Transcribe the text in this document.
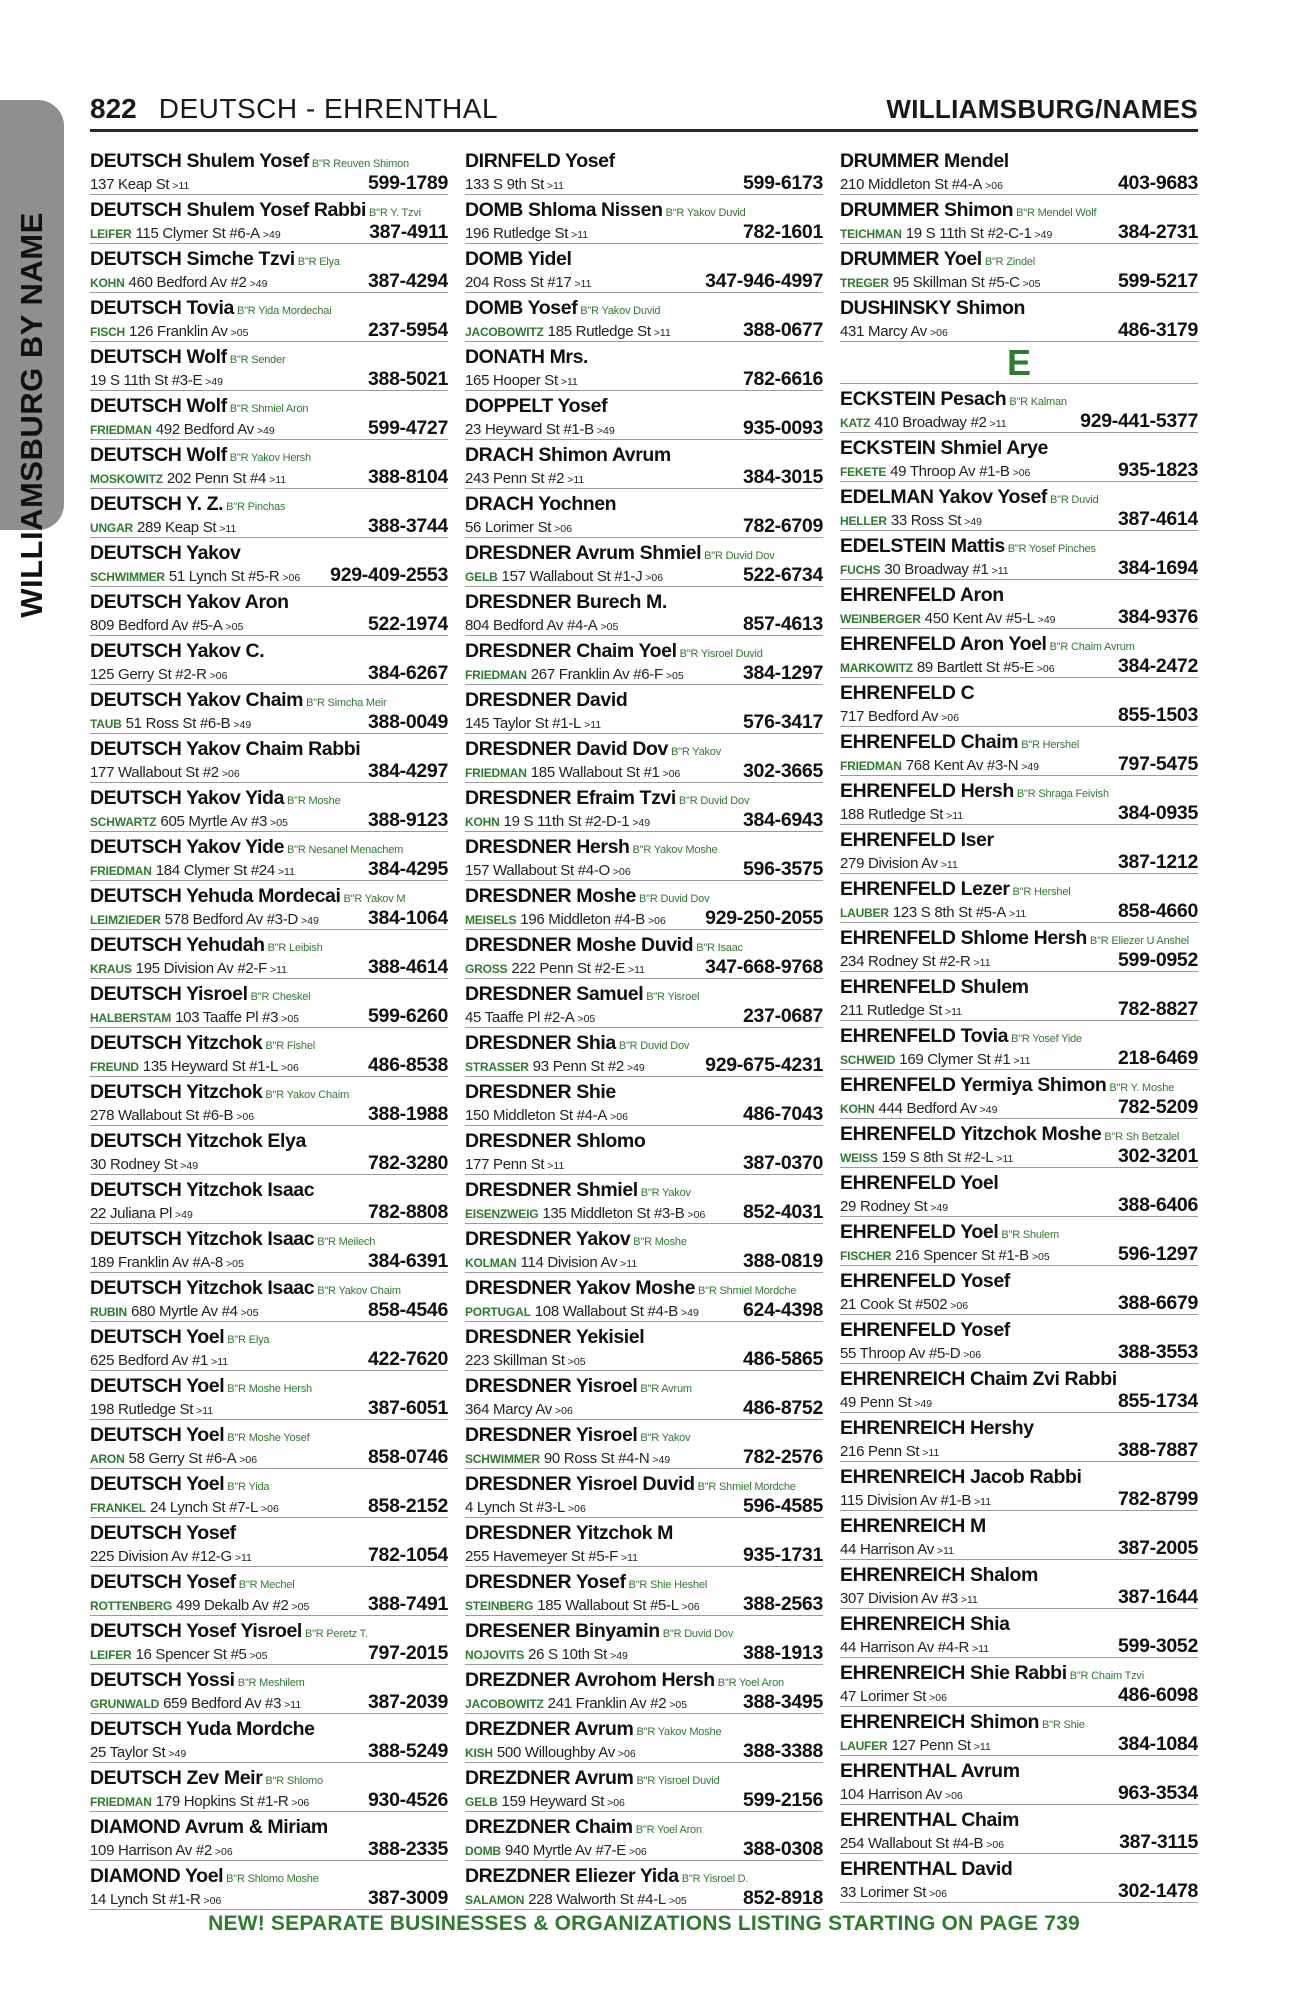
WILLIAMSBURG BY NAME
822 DEUTSCH - EHRENTHAL	WILLIAMSBURG/NAMES
DEUTSCH Shulem Yosef B"R Reuven Shimon
137 Keap St >11	599-1789
DEUTSCH Shulem Yosef Rabbi B"R Y. Tzvi
LEIFER 115 Clymer St #6-A >49	387-4911
DEUTSCH Simche Tzvi B"R Elya
KOHN 460 Bedford Av #2 >49	387-4294
DEUTSCH Tovia B"R Yida Mordechai
FISCH 126 Franklin Av >05	237-5954
DEUTSCH Wolf B"R Sender
19 S 11th St #3-E >49	388-5021
DEUTSCH Wolf B"R Shmiel Aron
FRIEDMAN 492 Bedford Av >49	599-4727
DEUTSCH Wolf B"R Yakov Hersh
MOSKOWITZ 202 Penn St #4 >11	388-8104
DEUTSCH Y. Z. B"R Pinchas
UNGAR 289 Keap St >11	388-3744
DEUTSCH Yakov
SCHWIMMER 51 Lynch St #5-R >06 929-409-2553
DEUTSCH Yakov Aron
809 Bedford Av #5-A >05	522-1974
DEUTSCH Yakov C.
125 Gerry St #2-R >06	384-6267
DEUTSCH Yakov Chaim B"R Simcha Meir
TAUB 51 Ross St #6-B >49	388-0049
DEUTSCH Yakov Chaim Rabbi
177 Wallabout St #2 >06	384-4297
DEUTSCH Yakov Yida B"R Moshe
SCHWARTZ 605 Myrtle Av #3 >05	388-9123
DEUTSCH Yakov Yide B"R Nesanel Menachem
FRIEDMAN 184 Clymer St #24 >11	384-4295
DEUTSCH Yehuda Mordecai B"R Yakov M
LEIMZIEDER 578 Bedford Av #3-D >49	384-1064
DEUTSCH Yehudah B"R Leibish
KRAUS 195 Division Av #2-F >11	388-4614
DEUTSCH Yisroel B"R Cheskel
HALBERSTAM 103 Taaffe Pl #3 >05	599-6260
DEUTSCH Yitzchok B"R Fishel
FREUND 135 Heyward St #1-L >06	486-8538
DEUTSCH Yitzchok B"R Yakov Chaim
278 Wallabout St #6-B >06	388-1988
DEUTSCH Yitzchok Elya
30 Rodney St >49	782-3280
DEUTSCH Yitzchok Isaac
22 Juliana Pl >49	782-8808
DEUTSCH Yitzchok Isaac B"R Meilech
189 Franklin Av #A-8 >05	384-6391
DEUTSCH Yitzchok Isaac B"R Yakov Chaim
RUBIN 680 Myrtle Av #4 >05	858-4546
DEUTSCH Yoel B"R Elya
625 Bedford Av #1 >11	422-7620
DEUTSCH Yoel B"R Moshe Hersh
198 Rutledge St >11	387-6051
DEUTSCH Yoel B"R Moshe Yosef
ARON 58 Gerry St #6-A >06	858-0746
DEUTSCH Yoel B"R Yida
FRANKEL 24 Lynch St #7-L >06	858-2152
DEUTSCH Yosef
225 Division Av #12-G >11	782-1054
DEUTSCH Yosef B"R Mechel
ROTTENBERG 499 Dekalb Av #2 >05	388-7491
DEUTSCH Yosef Yisroel B"R Peretz T.
LEIFER 16 Spencer St #5 >05	797-2015
DEUTSCH Yossi B"R Meshilem
GRUNWALD 659 Bedford Av #3 >11	387-2039
DEUTSCH Yuda Mordche
25 Taylor St >49	388-5249
DEUTSCH Zev Meir B"R Shlomo
FRIEDMAN 179 Hopkins St #1-R >06	930-4526
DIAMOND Avrum & Miriam
109 Harrison Av #2 >06	388-2335
DIAMOND Yoel B"R Shlomo Moshe
14 Lynch St #1-R >06	387-3009
DIRNFELD Yosef
133 S 9th St >11	599-6173
DOMB Shloma Nissen B"R Yakov Duvid
196 Rutledge St >11	782-1601
DOMB Yidel
204 Ross St #17 >11	347-946-4997
DOMB Yosef B"R Yakov Duvid
JACOBOWITZ 185 Rutledge St >11	388-0677
DONATH Mrs.
165 Hooper St >11	782-6616
DOPPELT Yosef
23 Heyward St #1-B >49	935-0093
DRACH Shimon Avrum
243 Penn St #2 >11	384-3015
DRACH Yochnen
56 Lorimer St >06	782-6709
DRESDNER Avrum Shmiel B"R Duvid Dov
GELB 157 Wallabout St #1-J >06	522-6734
DRESDNER Burech M.
804 Bedford Av #4-A >05	857-4613
DRESDNER Chaim Yoel B"R Yisroel Duvid
FRIEDMAN 267 Franklin Av #6-F >05	384-1297
DRESDNER David
145 Taylor St #1-L >11	576-3417
DRESDNER David Dov B"R Yakov
FRIEDMAN 185 Wallabout St #1 >06	302-3665
DRESDNER Efraim Tzvi B"R Duvid Dov
KOHN 19 S 11th St #2-D-1 >49	384-6943
DRESDNER Hersh B"R Yakov Moshe
157 Wallabout St #4-O >06	596-3575
DRESDNER Moshe B"R Duvid Dov
MEISELS 196 Middleton #4-B >06 929-250-2055
DRESDNER Moshe Duvid B"R Isaac
GROSS 222 Penn St #2-E >11	347-668-9768
DRESDNER Samuel B"R Yisroel
45 Taaffe Pl #2-A >05	237-0687
DRESDNER Shia B"R Duvid Dov
STRASSER 93 Penn St #2 >49	929-675-4231
DRESDNER Shie
150 Middleton St #4-A >06	486-7043
DRESDNER Shlomo
177 Penn St >11	387-0370
DRESDNER Shmiel B"R Yakov
EISENZWEIG 135 Middleton St #3-B >06 852-4031
DRESDNER Yakov B"R Moshe
KOLMAN 114 Division Av >11	388-0819
DRESDNER Yakov Moshe B"R Shmiel Mordche
PORTUGAL 108 Wallabout St #4-B >49 624-4398
DRESDNER Yekisiel
223 Skillman St >05	486-5865
DRESDNER Yisroel B"R Avrum
364 Marcy Av >06	486-8752
DRESDNER Yisroel B"R Yakov
SCHWIMMER 90 Ross St #4-N >49	782-2576
DRESDNER Yisroel Duvid B"R Shmiel Mordche
4 Lynch St #3-L >06	596-4585
DRESDNER Yitzchok M
255 Havemeyer St #5-F >11	935-1731
DRESDNER Yosef B"R Shie Heshel
STEINBERG 185 Wallabout St #5-L >06 388-2563
DRESENER Binyamin B"R Duvid Dov
NOJOVITS 26 S 10th St >49	388-1913
DREZDNER Avrohom Hersh B"R Yoel Aron
JACOBOWITZ 241 Franklin Av #2 >05	388-3495
DREZDNER Avrum B"R Yakov Moshe
KISH 500 Willoughby Av >06	388-3388
DREZDNER Avrum B"R Yisroel Duvid
GELB 159 Heyward St >06	599-2156
DREZDNER Chaim B"R Yoel Aron
DOMB 940 Myrtle Av #7-E >06	388-0308
DREZDNER Eliezer Yida B"R Yisroel D.
SALAMON 228 Walworth St #4-L >05	852-8918
DRUMMER Mendel
210 Middleton St #4-A >06	403-9683
DRUMMER Shimon B"R Mendel Wolf
TEICHMAN 19 S 11th St #2-C-1 >49	384-2731
DRUMMER Yoel B"R Zindel
TREGER 95 Skillman St #5-C >05	599-5217
DUSHINSKY Shimon
431 Marcy Av >06	486-3179
E
ECKSTEIN Pesach B"R Kalman
KATZ 410 Broadway #2 >11	929-441-5377
ECKSTEIN Shmiel Arye
FEKETE 49 Throop Av #1-B >06	935-1823
EDELMAN Yakov Yosef B"R Duvid
HELLER 33 Ross St >49	387-4614
EDELSTEIN Mattis B"R Yosef Pinches
FUCHS 30 Broadway #1 >11	384-1694
EHRENFELD Aron
WEINBERGER 450 Kent Av #5-L >49	384-9376
EHRENFELD Aron Yoel B"R Chaim Avrum
MARKOWITZ 89 Bartlett St #5-E >06	384-2472
EHRENFELD C
717 Bedford Av >06	855-1503
EHRENFELD Chaim B"R Hershel
FRIEDMAN 768 Kent Av #3-N >49	797-5475
EHRENFELD Hersh B"R Shraga Feivish
188 Rutledge St >11	384-0935
EHRENFELD Iser
279 Division Av >11	387-1212
EHRENFELD Lezer B"R Hershel
LAUBER 123 S 8th St #5-A >11	858-4660
EHRENFELD Shlome Hersh B"R Eliezer U Anshel
234 Rodney St #2-R >11	599-0952
EHRENFELD Shulem
211 Rutledge St >11	782-8827
EHRENFELD Tovia B"R Yosef Yide
SCHWEID 169 Clymer St #1 >11	218-6469
EHRENFELD Yermiya Shimon B"R Y. Moshe
KOHN 444 Bedford Av >49	782-5209
EHRENFELD Yitzchok Moshe B"R Sh Betzalel
WEISS 159 S 8th St #2-L >11	302-3201
EHRENFELD Yoel
29 Rodney St >49	388-6406
EHRENFELD Yoel B"R Shulem
FISCHER 216 Spencer St #1-B >05	596-1297
EHRENFELD Yosef
21 Cook St #502 >06	388-6679
EHRENFELD Yosef
55 Throop Av #5-D >06	388-3553
EHRENREICH Chaim Zvi Rabbi
49 Penn St >49	855-1734
EHRENREICH Hershy
216 Penn St >11	388-7887
EHRENREICH Jacob Rabbi
115 Division Av #1-B >11	782-8799
EHRENREICH M
44 Harrison Av >11	387-2005
EHRENREICH Shalom
307 Division Av #3 >11	387-1644
EHRENREICH Shia
44 Harrison Av #4-R >11	599-3052
EHRENREICH Shie Rabbi B"R Chaim Tzvi
47 Lorimer St >06	486-6098
EHRENREICH Shimon B"R Shie
LAUFER 127 Penn St >11	384-1084
EHRENTHAL Avrum
104 Harrison Av >06	963-3534
EHRENTHAL Chaim
254 Wallabout St #4-B >06	387-3115
EHRENTHAL David
33 Lorimer St >06	302-1478
NEW! SEPARATE BUSINESSES & ORGANIZATIONS LISTING STARTING ON PAGE 739
